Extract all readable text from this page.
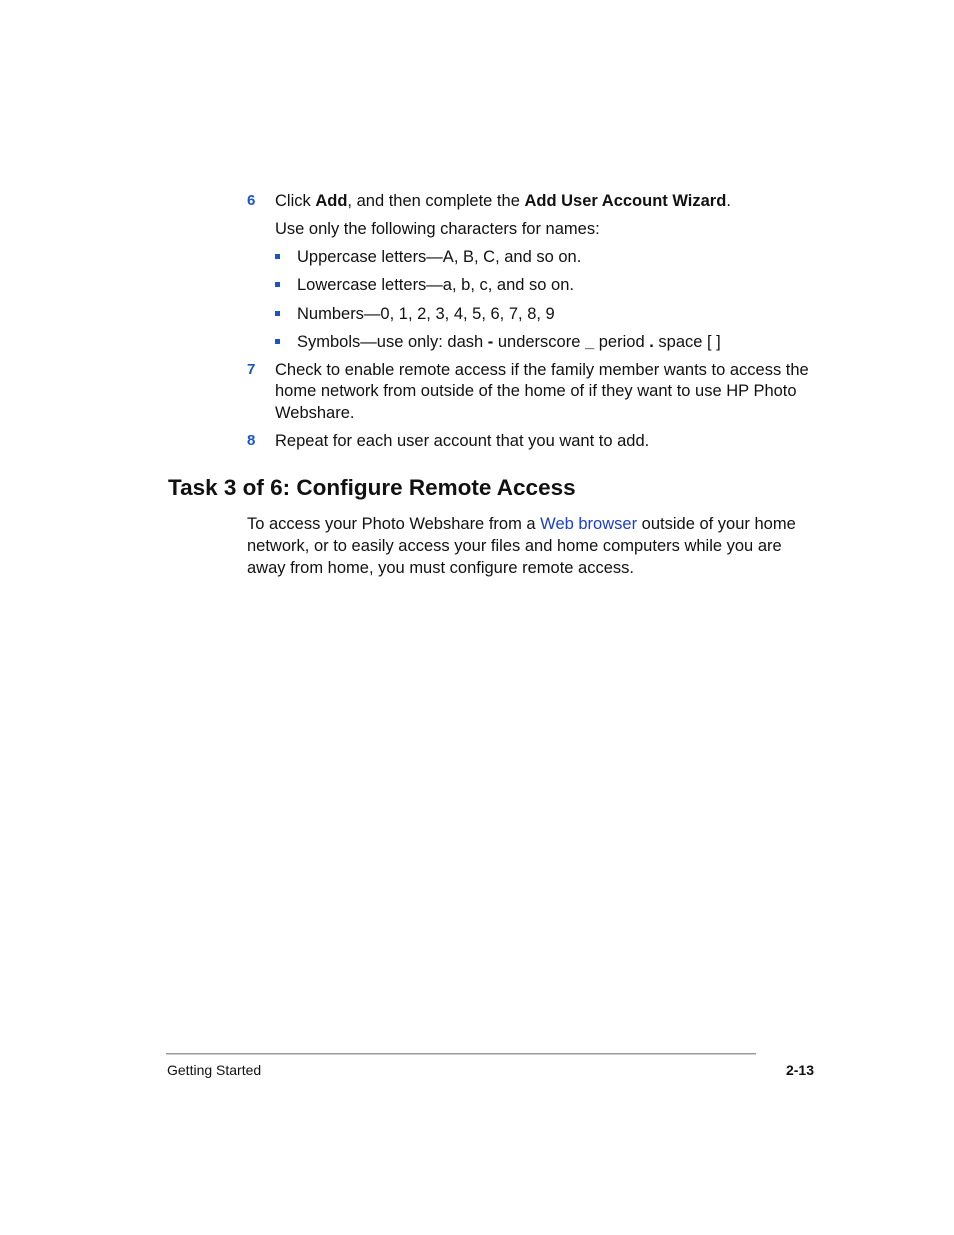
6 Click Add, and then complete the Add User Account Wizard.
Use only the following characters for names:
Uppercase letters—A, B, C, and so on.
Lowercase letters—a, b, c, and so on.
Numbers—0, 1, 2, 3, 4, 5, 6, 7, 8, 9
Symbols—use only: dash - underscore _ period . space [ ]
7 Check to enable remote access if the family member wants to access the
home network from outside of the home of if they want to use HP Photo
Webshare.
8 Repeat for each user account that you want to add.
Task 3 of 6: Configure Remote Access
To access your Photo Webshare from a Web browser outside of your home
network, or to easily access your files and home computers while you are
away from home, you must configure remote access.
Getting Started	2-13
